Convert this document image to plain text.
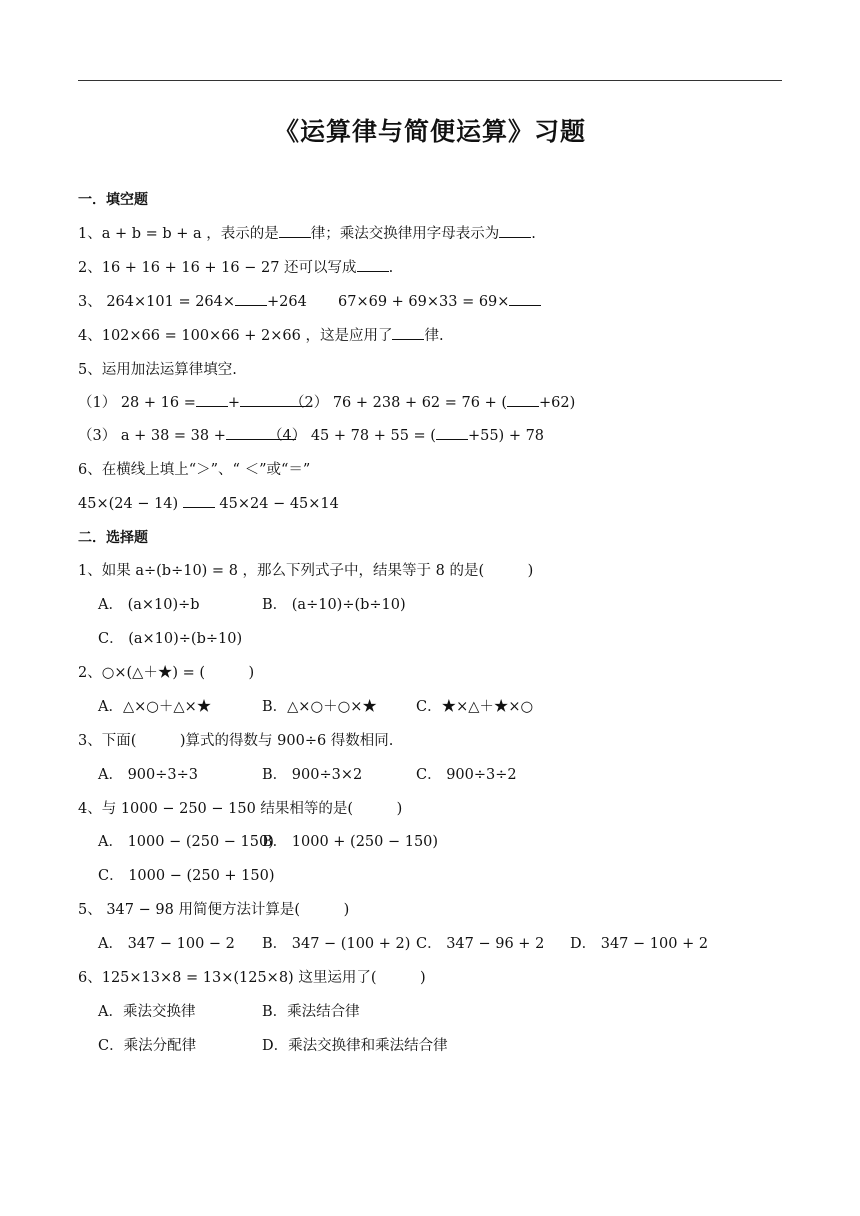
《运算律与简便运算》习题
一．填空题
1、a + b = b + a ，表示的是 律；乘法交换律用字母表示为 .
2、16 + 16 + 16 + 16 − 27 还可以写成 .
3、 264×101 = 264× +264 67×69 + 69×33 = 69×
4、102×66 = 100×66 + 2×66 ，这是应用了 律.
5、运用加法运算律填空.
（1） 28 + 16 = +	（2） 76 + 238 + 62 = 76 + ( +62)
（3） a + 38 = 38 +	（4） 45 + 78 + 55 = ( +55) + 78
6、在横线上填上“＞”、“ ＜”或“＝”
45×(24 − 14)	45×24 − 45×14
二．选择题
1、如果 a÷(b÷10) = 8 ，那么下列式子中，结果等于 8 的是(　　　)
A． (a×10)÷b	B． (a÷10)÷(b÷10)
C． (a×10)÷(b÷10)
2、○×(△＋★) = (　　　)
A．△×○＋△×★	B．△×○＋○×★	C．★×△＋★×○
3、下面(　　　)算式的得数与 900÷6 得数相同.
A． 900÷3÷3	B． 900÷3×2	C． 900÷3÷2
4、与 1000 − 250 − 150 结果相等的是(　　　)
A． 1000 − (250 − 150)
B． 1000 + (250 − 150)
C． 1000 − (250 + 150)
5、 347 − 98 用简便方法计算是(　　　)
A． 347 − 100 − 2 B． 347 − (100 + 2) C． 347 − 96 + 2 D． 347 − 100 + 2
6、125×13×8 = 13×(125×8) 这里运用了(　　　)
A．乘法交换律	B．乘法结合律
C．乘法分配律	D．乘法交换律和乘法结合律
